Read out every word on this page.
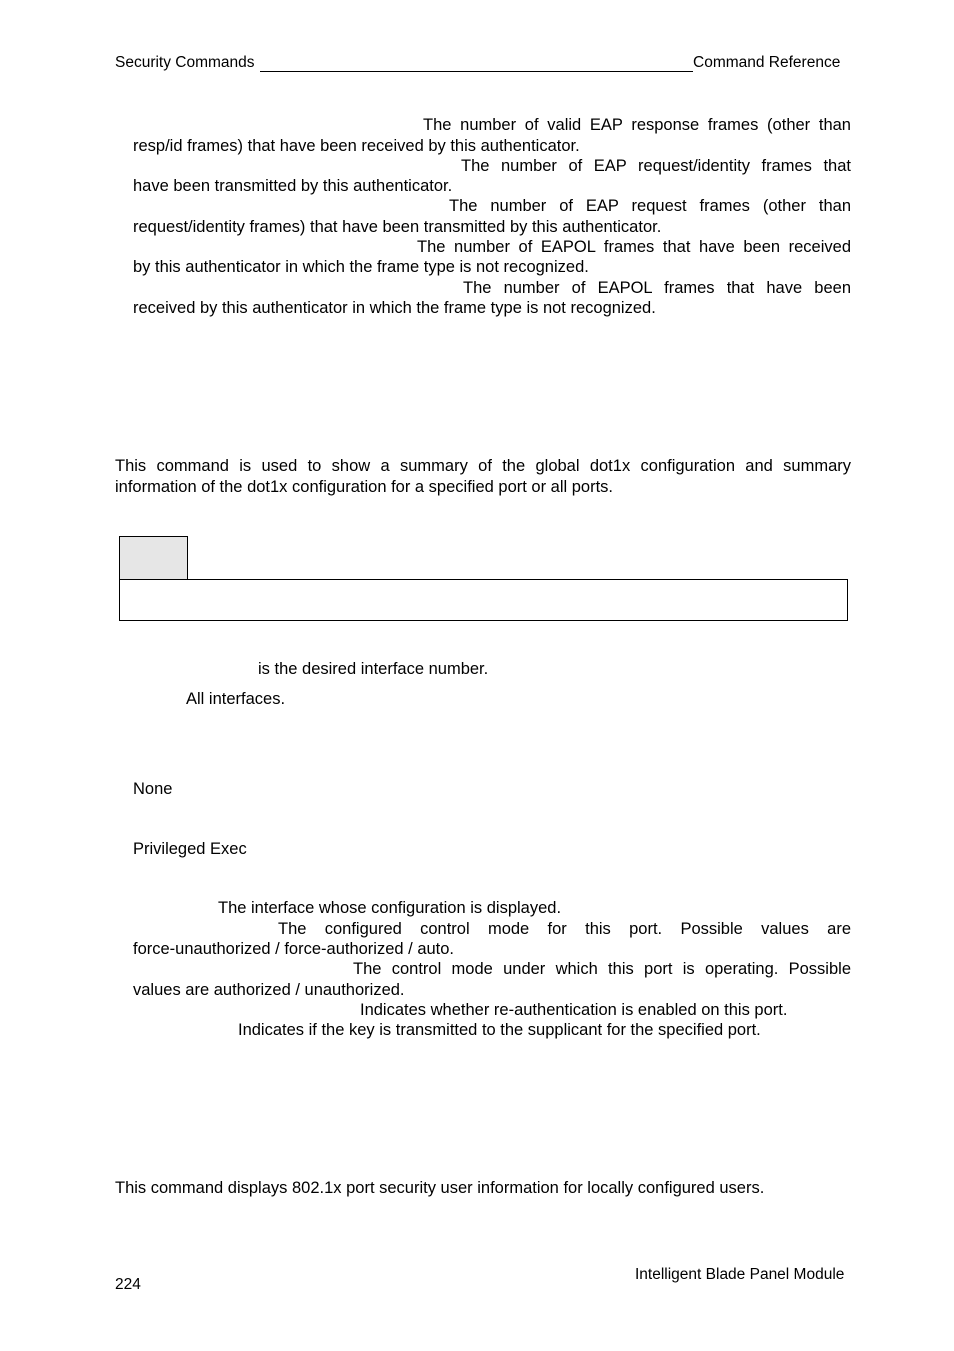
Security Commands	Command Reference
The number of valid EAP response frames (other than
resp/id frames) that have been received by this authenticator.
The number of EAP request/identity frames that
have been transmitted by this authenticator.
The number of EAP request frames (other than
request/identity frames) that have been transmitted by this authenticator.
The number of EAPOL frames that have been received
by this authenticator in which the frame type is not recognized.
The number of EAPOL frames that have been
received by this authenticator in which the frame type is not recognized.
This command is used to show a summary of the global dot1x configuration and summary
information of the dot1x configuration for a specified port or all ports.
is the desired interface number.
All interfaces.
None
Privileged Exec
The interface whose configuration is displayed.
The configured control mode for this port. Possible values are
force-unauthorized / force-authorized / auto.
The control mode under which this port is operating. Possible
values are authorized / unauthorized.
Indicates whether re-authentication is enabled on this port.
Indicates if the key is transmitted to the supplicant for the specified port.
This command displays 802.1x port security user information for locally configured users.
Intelligent Blade Panel Module
224
